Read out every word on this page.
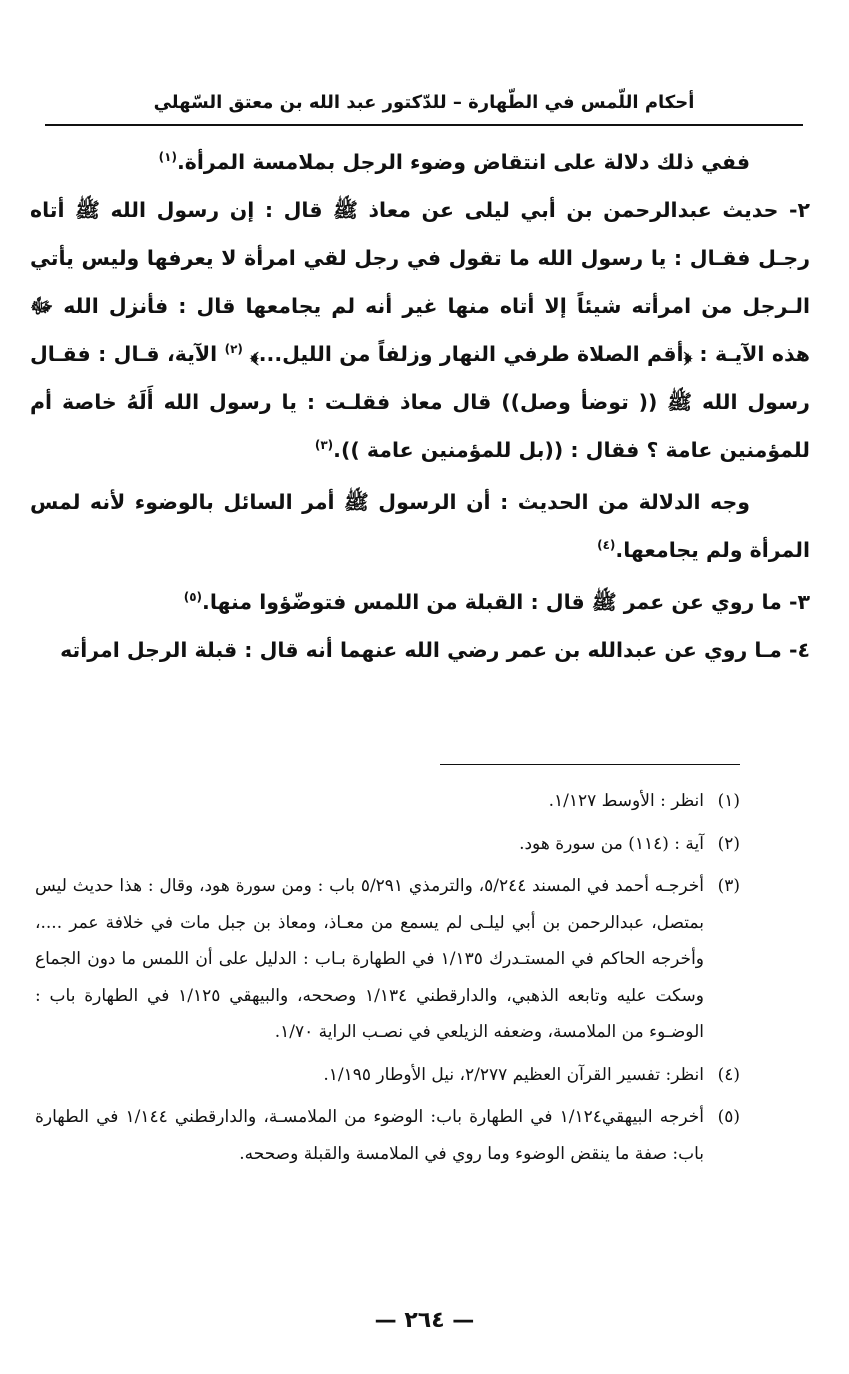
أحكام اللّمس في الطّهارة – للدّكتور عبد الله بن معتق السّهلي

ففي ذلك دلالة على انتقاض وضوء الرجل بملامسة المرأة.$^{(١)}$

٢- حديث عبدالرحمن بن أبي ليلى عن معاذ ﷺ قال : إن رسول الله ﷺ أتاه رجـل فقـال : يا رسول الله ما تقول في رجل لقي امرأة لا يعرفها وليس يأتي الـرجل من امرأته شيئاً إلا أتاه منها غير أنه لم يجامعها قال : فأنزل الله ﷻ هذه الآيـة : ﴿أقم الصلاة طرفي النهار وزلفاً من الليل...﴾ $^{(٢)}$ الآية، قـال : فقـال رسول الله ﷺ (( توضأ وصل)) قال معاذ فقلـت : يا رسول الله أَلَهُ خاصة أم للمؤمنين عامة ؟ فقال : ((بل للمؤمنين عامة )).$^{(٣)}$

وجه الدلالة من الحديث : أن الرسول ﷺ أمر السائل بالوضوء لأنه لمس المرأة ولم يجامعها.$^{(٤)}$

٣- ما روي عن عمر ﷺ قال : القبلة من اللمس فتوضّؤوا منها.$^{(٥)}$

٤- مـا روي عن عبدالله بن عمر رضي الله عنهما أنه قال : قبلة الرجل امرأته

(١)
انظر : الأوسط ١/١٢٧.
(٢)
آية : (١١٤) من سورة هود.
(٣)
أخرجـه أحمد في المسند ٥/٢٤٤، والترمذي ٥/٢٩١ باب : ومن سورة هود، وقال : هذا حديث ليس بمتصل، عبدالرحمن بن أبي ليلـى لم يسمع من معـاذ، ومعاذ بن جبل مات في خلافة عمر ....، وأخرجه الحاكم في المستـدرك ١/١٣٥ في الطهارة بـاب : الدليل على أن اللمس ما دون الجماع وسكت عليه وتابعه الذهبي، والدارقطني ١/١٣٤ وصححه، والبيهقي ١/١٢٥ في الطهارة باب : الوضـوء من الملامسة، وضعفه الزيلعي في نصـب الراية ١/٧٠.
(٤)
انظر: تفسير القرآن العظيم ٢/٢٧٧، نيل الأوطار ١/١٩٥.
(٥)
أخرجه البيهقي١/١٢٤ في الطهارة باب: الوضوء من الملامسـة، والدارقطني ١/١٤٤ في الطهارة باب: صفة ما ينقض الوضوء وما روي في الملامسة والقبلة وصححه.
— ٢٦٤ —
